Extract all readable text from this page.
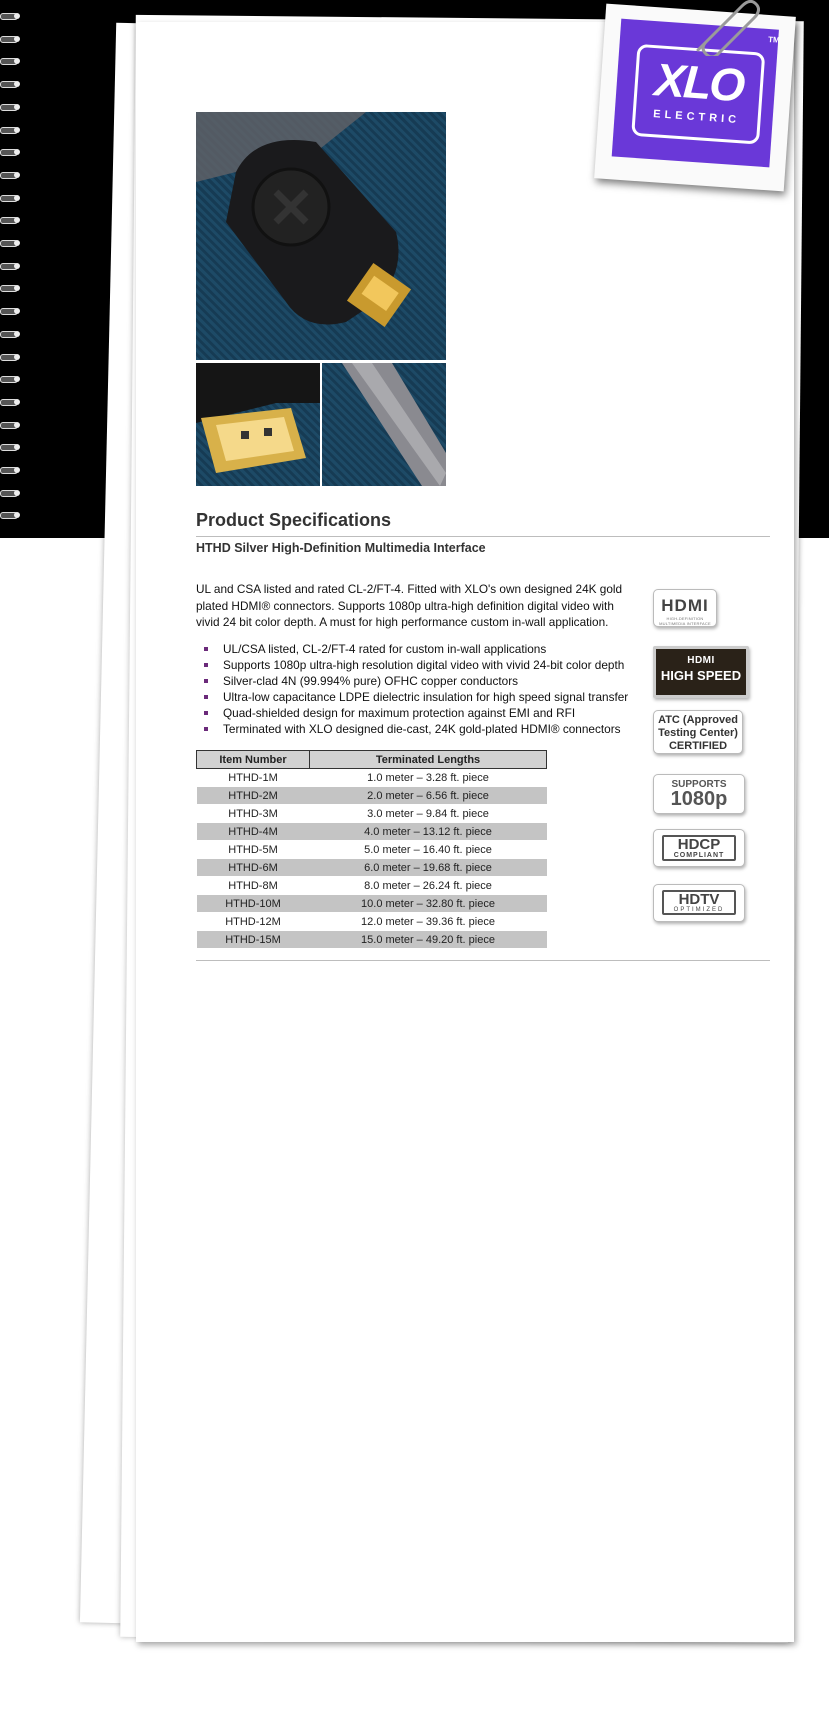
XLO
ELECTRIC
TM
Product Specifications
HTHD Silver High-Definition Multimedia Interface
UL and CSA listed and rated CL-2/FT-4. Fitted with XLO's own designed 24K gold plated HDMI® connectors. Supports 1080p ultra-high definition digital video with vivid 24 bit color depth. A must for high performance custom in-wall application.
UL/CSA listed, CL-2/FT-4 rated for custom in-wall applications
Supports 1080p ultra-high resolution digital video with vivid 24-bit color depth
Silver-clad 4N (99.994% pure) OFHC copper conductors
Ultra-low capacitance LDPE dielectric insulation for high speed signal transfer
Quad-shielded design for maximum protection against EMI and RFI
Terminated with XLO designed die-cast, 24K gold-plated HDMI® connectors
Item Number	Terminated Lengths
HTHD-1M	1.0 meter – 3.28 ft. piece
HTHD-2M	2.0 meter – 6.56 ft. piece
HTHD-3M	3.0 meter – 9.84 ft. piece
HTHD-4M	4.0 meter – 13.12 ft. piece
HTHD-5M	5.0 meter – 16.40 ft. piece
HTHD-6M	6.0 meter – 19.68 ft. piece
HTHD-8M	8.0 meter – 26.24 ft. piece
HTHD-10M	10.0 meter – 32.80 ft. piece
HTHD-12M	12.0 meter – 39.36 ft. piece
HTHD-15M	15.0 meter – 49.20 ft. piece
HDMI
HIGH-DEFINITION MULTIMEDIA INTERFACE
HDMI
HIGH SPEED
ATC (Approved
Testing Center)
CERTIFIED
SUPPORTS
1080p
HDCP
COMPLIANT
HDTV
OPTIMIZED
